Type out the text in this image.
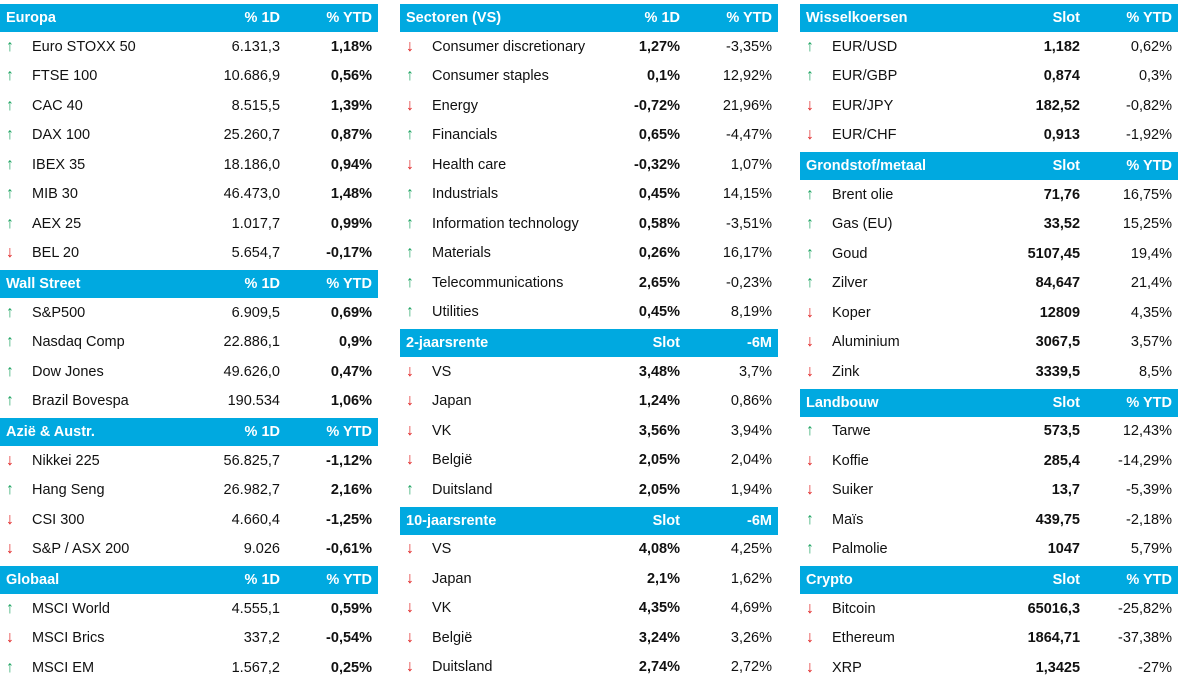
Europa		% 1D	% YTD	
↑	Euro STOXX 50	6.131,3	1,18%	
↑	FTSE 100	10.686,9	0,56%	
↑	CAC 40	8.515,5	1,39%	
↑	DAX 100	25.260,7	0,87%	
↑	IBEX 35	18.186,0	0,94%	
↑	MIB 30	46.473,0	1,48%	
↑	AEX 25	1.017,7	0,99%	
↓	BEL 20	5.654,7	-0,17%	
Wall Street		% 1D	% YTD	
↑	S&P500	6.909,5	0,69%	
↑	Nasdaq Comp	22.886,1	0,9%	
↑	Dow Jones	49.626,0	0,47%	
↑	Brazil Bovespa	190.534	1,06%	
Azië & Austr.		% 1D	% YTD	
↓	Nikkei 225	56.825,7	-1,12%	
↑	Hang Seng	26.982,7	2,16%	
↓	CSI 300	4.660,4	-1,25%	
↓	S&P / ASX 200	9.026	-0,61%	
Globaal		% 1D	% YTD	
↑	MSCI World	4.555,1	0,59%	
↓	MSCI Brics	337,2	-0,54%	
↑	MSCI EM	1.567,2	0,25%	
Sectoren (VS)		% 1D	% YTD
↓	Consumer discretionary	1,27%	-3,35%
↑	Consumer staples	0,1%	12,92%
↓	Energy	-0,72%	21,96%
↑	Financials	0,65%	-4,47%
↓	Health care	-0,32%	1,07%
↑	Industrials	0,45%	14,15%
↑	Information technology	0,58%	-3,51%
↑	Materials	0,26%	16,17%
↑	Telecommunications	2,65%	-0,23%
↑	Utilities	0,45%	8,19%
2-jaarsrente		Slot	-6M
↓	VS	3,48%	3,7%
↓	Japan	1,24%	0,86%
↓	VK	3,56%	3,94%
↓	België	2,05%	2,04%
↑	Duitsland	2,05%	1,94%
10-jaarsrente		Slot	-6M
↓	VS	4,08%	4,25%
↓	Japan	2,1%	1,62%
↓	VK	4,35%	4,69%
↓	België	3,24%	3,26%
↓	Duitsland	2,74%	2,72%
Wisselkoersen		Slot	% YTD
↑	EUR/USD	1,182	0,62%
↑	EUR/GBP	0,874	0,3%
↓	EUR/JPY	182,52	-0,82%
↓	EUR/CHF	0,913	-1,92%
Grondstof/metaal		Slot	% YTD
↑	Brent olie	71,76	16,75%
↑	Gas (EU)	33,52	15,25%
↑	Goud	5107,45	19,4%
↑	Zilver	84,647	21,4%
↓	Koper	12809	4,35%
↓	Aluminium	3067,5	3,57%
↓	Zink	3339,5	8,5%
Landbouw		Slot	% YTD
↑	Tarwe	573,5	12,43%
↓	Koffie	285,4	-14,29%
↓	Suiker	13,7	-5,39%
↑	Maïs	439,75	-2,18%
↑	Palmolie	1047	5,79%
Crypto		Slot	% YTD
↓	Bitcoin	65016,3	-25,82%
↓	Ethereum	1864,71	-37,38%
↓	XRP	1,3425	-27%
